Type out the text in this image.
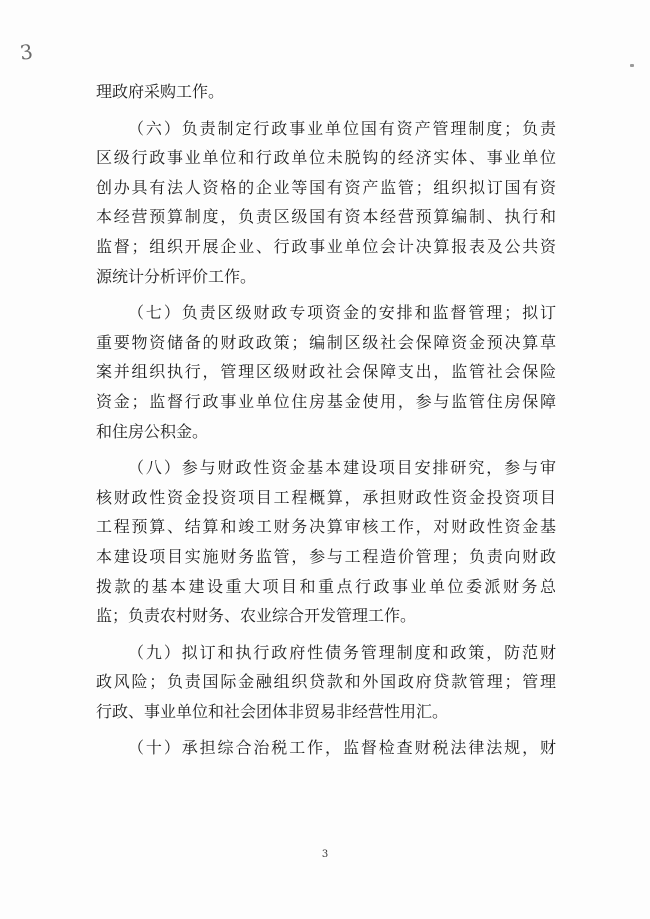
3
理政府采购工作。
（六）负责制定行政事业单位国有资产管理制度；负责
区级行政事业单位和行政单位未脱钩的经济实体、事业单位
创办具有法人资格的企业等国有资产监管；组织拟订国有资
本经营预算制度，负责区级国有资本经营预算编制、执行和
监督；组织开展企业、行政事业单位会计决算报表及公共资
源统计分析评价工作。
（七）负责区级财政专项资金的安排和监督管理；拟订
重要物资储备的财政政策；编制区级社会保障资金预决算草
案并组织执行，管理区级财政社会保障支出，监管社会保险
资金；监督行政事业单位住房基金使用，参与监管住房保障
和住房公积金。
（八）参与财政性资金基本建设项目安排研究，参与审
核财政性资金投资项目工程概算，承担财政性资金投资项目
工程预算、结算和竣工财务决算审核工作，对财政性资金基
本建设项目实施财务监管，参与工程造价管理；负责向财政
拨款的基本建设重大项目和重点行政事业单位委派财务总
监；负责农村财务、农业综合开发管理工作。
（九）拟订和执行政府性债务管理制度和政策，防范财
政风险；负责国际金融组织贷款和外国政府贷款管理；管理
行政、事业单位和社会团体非贸易非经营性用汇。
（十）承担综合治税工作，监督检查财税法律法规，财
3
